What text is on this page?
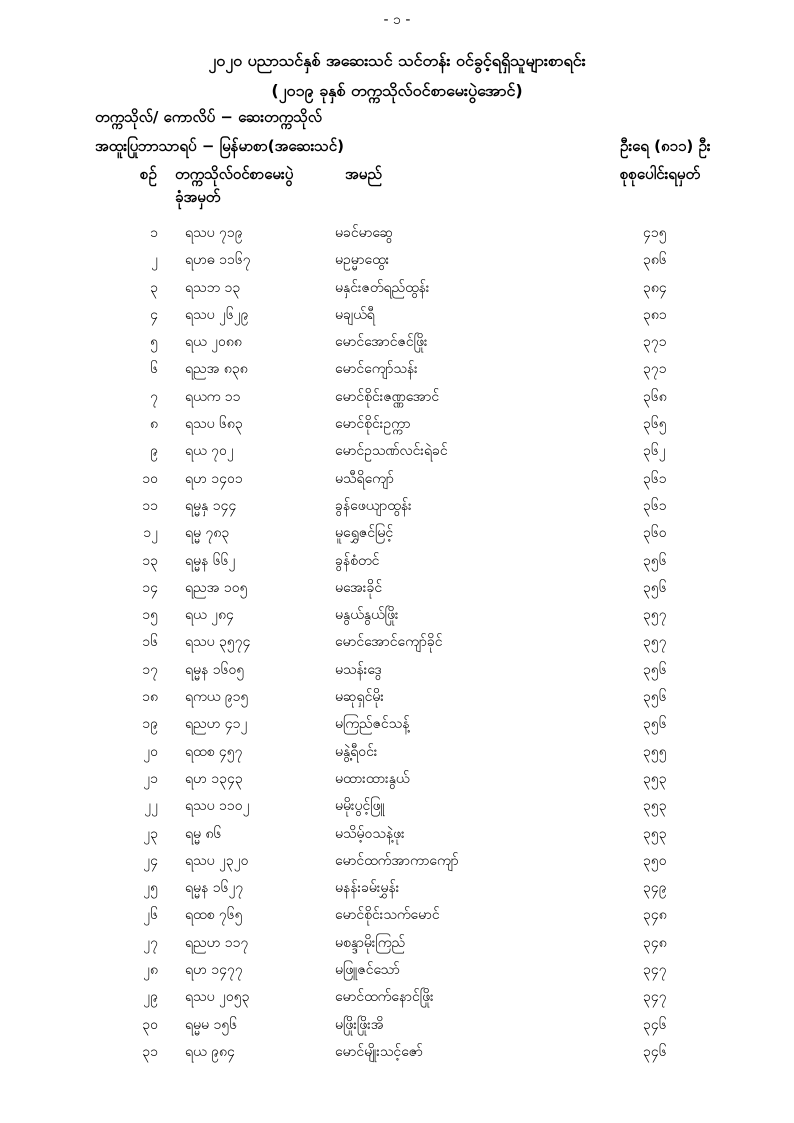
- ၁ -
၂၀၂၀ ပညာသင်နှစ် အဆေးသင် သင်တန်း ဝင်ခွင့်ရရှိသူများစာရင်း
(၂၀၁၉ ခုနှစ် တက္ကသိုလ်ဝင်စာမေးပွဲအောင်)
တက္ကသိုလ်/ ကောလိပ် − ဆေးတက္ကသိုလ်
အထူးပြုဘာသာရပ် − မြန်မာစာ(အဆေးသင်)	ဦးရေ (၈၁၁) ဦး
စဉ် တက္ကသိုလ်ဝင်စာမေးပွဲ
ခုံအမှတ်
အမည်	စုစုပေါင်းရမှတ်
၁ ရသပ ၇၁၉	မခင်မာဆွေ	၄၁၅
၂ ရဟဓ ၁၁၆၇	မဥမ္မာထွေး	၃၈၆
၃ ရသဘ ၁၃	မနှင်းဇတ်ရည်ထွန်း	၃၈၄
၄ ရသပ ၂၆၂၉	မချယ်ရီ	၃၈၁
၅ ရယ ၂၀၈၈	မောင်အောင်ဇင်ဖြိုး	၃၇၁
၆ ရညအ ၈၃၈	မောင်ကျော်သန်း	၃၇၁
၇ ရယက ၁၁	မောင်စိုင်းဇဏ္ဏအောင်	၃၆၈
၈ ရသပ ၆၈၃	မောင်စိုင်းဥက္ကာ	၃၆၅
၉ ရယ ၇၀၂	မောင်ဥသဏ်လင်းရဲခင်	၃၆၂
၁၀ ရဟ ၁၄၀၁	မသီရိကျော်	၃၆၁
၁၁ ရမ္မနှ ၁၄၄	ခွန်ဖေယျာထွန်း	၃၆၁
၁၂ ရမ္မ ၇၈၃	မူရွှေဇင်မြင့်	၃၆၀
၁၃ ရမ္မန ၆၆၂	ခွန်စံတင်	၃၅၆
၁၄ ရညအ ၁၀၅	မအေးခိုင်	၃၅၆
၁၅ ရယ ၂၈၄	မနွယ်နွယ်ဖြိုး	၃၅၇
၁၆ ရသပ ၃၅၇၄	မောင်အောင်ကျော်ခိုင်	၃၅၇
၁၇ ရမ္မန ၁၆၀၅	မသန်းဒွေ	၃၅၆
၁၈ ရကယ ၉၁၅	မဆုရှင်မိုး	၃၅၆
၁၉ ရညဟ ၄၁၂	မကြည်ဇင်သန့်	၃၅၆
၂၀ ရထစ ၄၅၇	မနွဲ့ရီဝင်း	၃၅၅
၂၁ ရဟ ၁၃၄၃	မထားထားနွယ်	၃၅၃
၂၂ ရသပ ၁၁၀၂	မမိုးပွင့်ဖြူ	၃၅၃
၂၃ ရမ္မ ၈၆	မသိမ့်ဝသနဲ့ဖုး	၃၅၃
၂၄ ရသပ ၂၃၂၀	မောင်ထက်အာကာကျော်	၃၅၀
၂၅ ရမ္မန ၁၆၂၇	မနန်းခမ်းမွှန်း	၃၄၉
၂၆ ရထစ ၇၆၅	မောင်စိုင်းသက်မောင်	၃၄၈
၂၇ ရညဟ ၁၁၇	မစန္ဒာမိုးကြည်	၃၄၈
၂၈ ရဟ ၁၄၇၇	မဖြူဇင်သော်	၃၄၇
၂၉ ရသပ ၂၀၅၃	မောင်ထက်နောင်ဖြိုး	၃၄၇
၃၀ ရမ္မမ ၁၅၆	မဖြိုးဖြိုးအိ	၃၄၆
၃၁ ရယ ၉၈၄	မောင်မျိုးသင့်ဇော်	၃၄၆
